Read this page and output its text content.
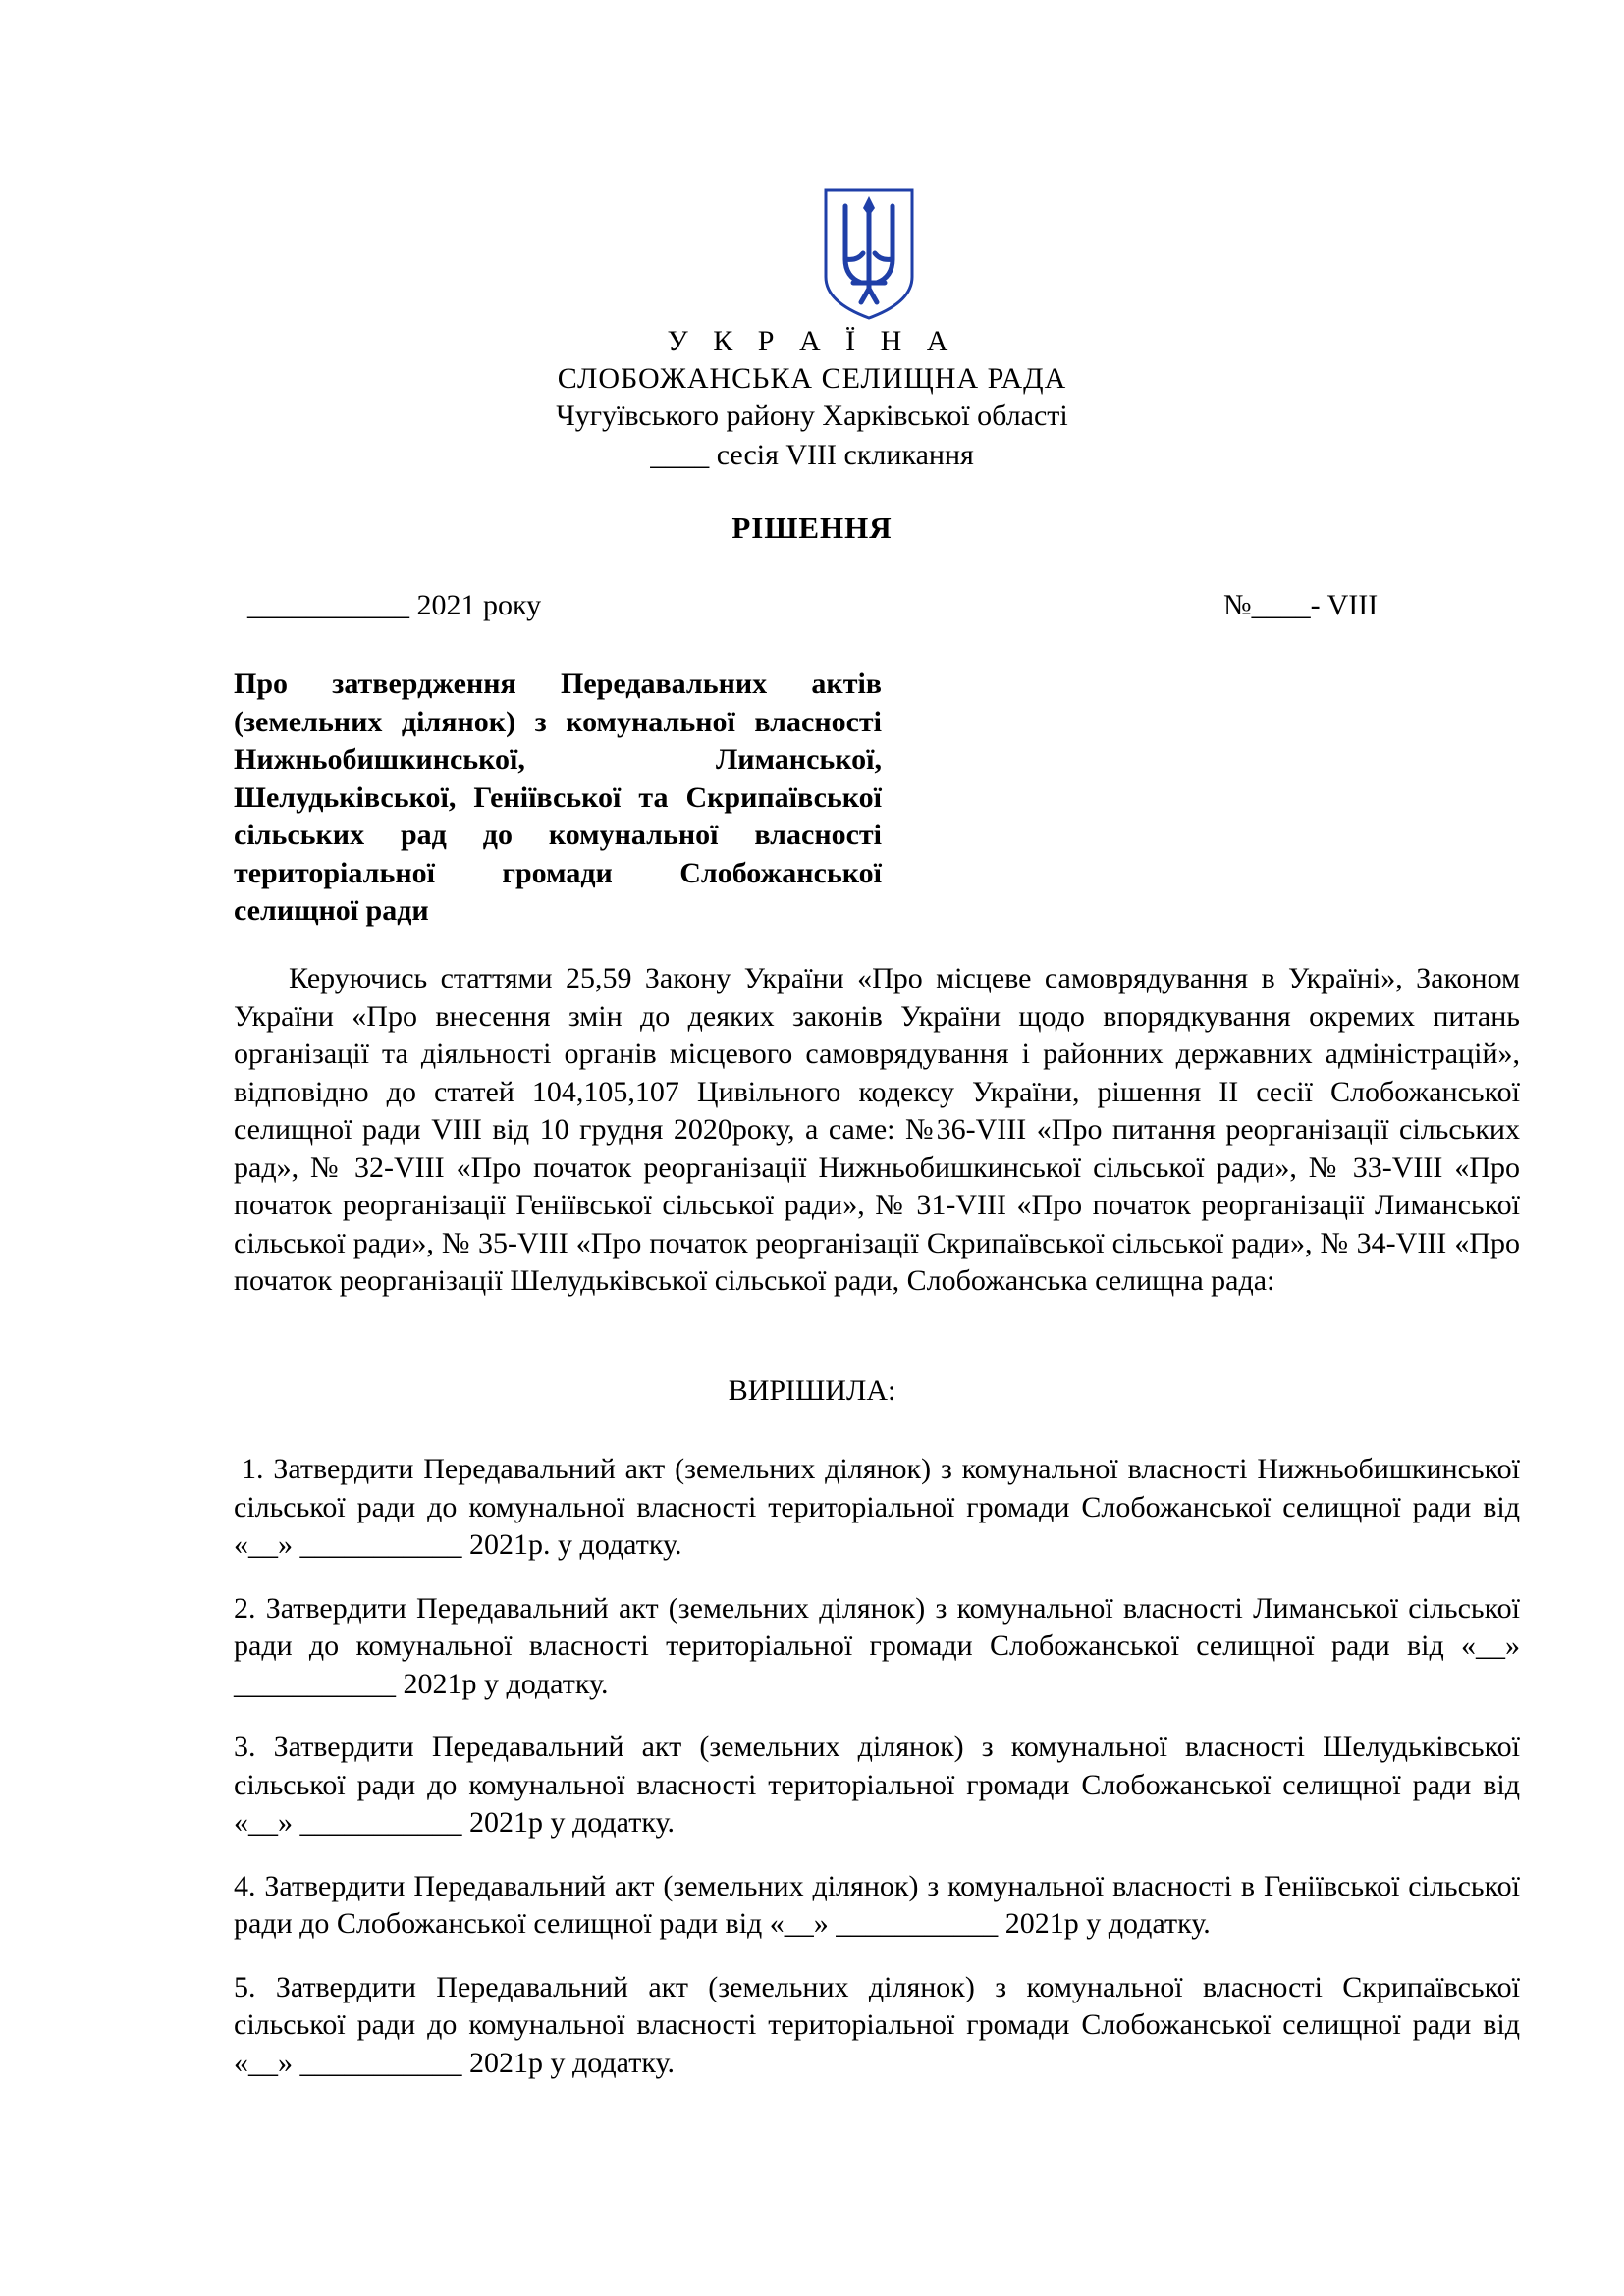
У К Р А Ї Н А
СЛОБОЖАНСЬКА СЕЛИЩНА РАДА
Чугуївського району Харківської області
____ сесія VIII скликання
РІШЕННЯ
___________ 2021 року	№____- VIII
Про затвердження Передавальних актів (земельних ділянок) з комунальної власності Нижньобишкинської, Лиманської, Шелудьківської, Геніївської та Скрипаївської сільських рад до комунальної власності територіальної громади Слобожанської селищної ради
Керуючись статтями 25,59 Закону України «Про місцеве самоврядування в Україні», Законом України «Про внесення змін до деяких законів України щодо впорядкування окремих питань організації та діяльності органів місцевого самоврядування і районних державних адміністрацій», відповідно до статей 104,105,107 Цивільного кодексу України, рішення ІІ сесії Слобожанської селищної ради VIII від 10 грудня 2020року, а саме: №36-VIII «Про питання реорганізації сільських рад», № 32-VIII «Про початок реорганізації Нижньобишкинської сільської ради», № 33-VIII «Про початок реорганізації Геніївської сільської ради», № 31-VIII «Про початок реорганізації Лиманської сільської ради», № 35-VIII «Про початок реорганізації Скрипаївської сільської ради», № 34-VIII «Про початок реорганізації Шелудьківської сільської ради, Слобожанська селищна рада:
ВИРІШИЛА:

1. Затвердити Передавальний акт (земельних ділянок) з комунальної власності Нижньобишкинської сільської ради до комунальної власності територіальної громади Слобожанської селищної ради від «__» ___________ 2021р. у додатку.

2. Затвердити Передавальний акт (земельних ділянок) з комунальної власності Лиманської сільської ради до комунальної власності територіальної громади Слобожанської селищної ради від «__» ___________ 2021р у додатку.

3. Затвердити Передавальний акт (земельних ділянок) з комунальної власності Шелудьківської сільської ради до комунальної власності територіальної громади Слобожанської селищної ради від «__» ___________ 2021р у додатку.

4. Затвердити Передавальний акт (земельних ділянок) з комунальної власності в Геніївської сільської ради до Слобожанської селищної ради від «__» ___________ 2021р у додатку.

5. Затвердити Передавальний акт (земельних ділянок) з комунальної власності Скрипаївської сільської ради до комунальної власності територіальної громади Слобожанської селищної ради від «__» ___________ 2021р у додатку.
